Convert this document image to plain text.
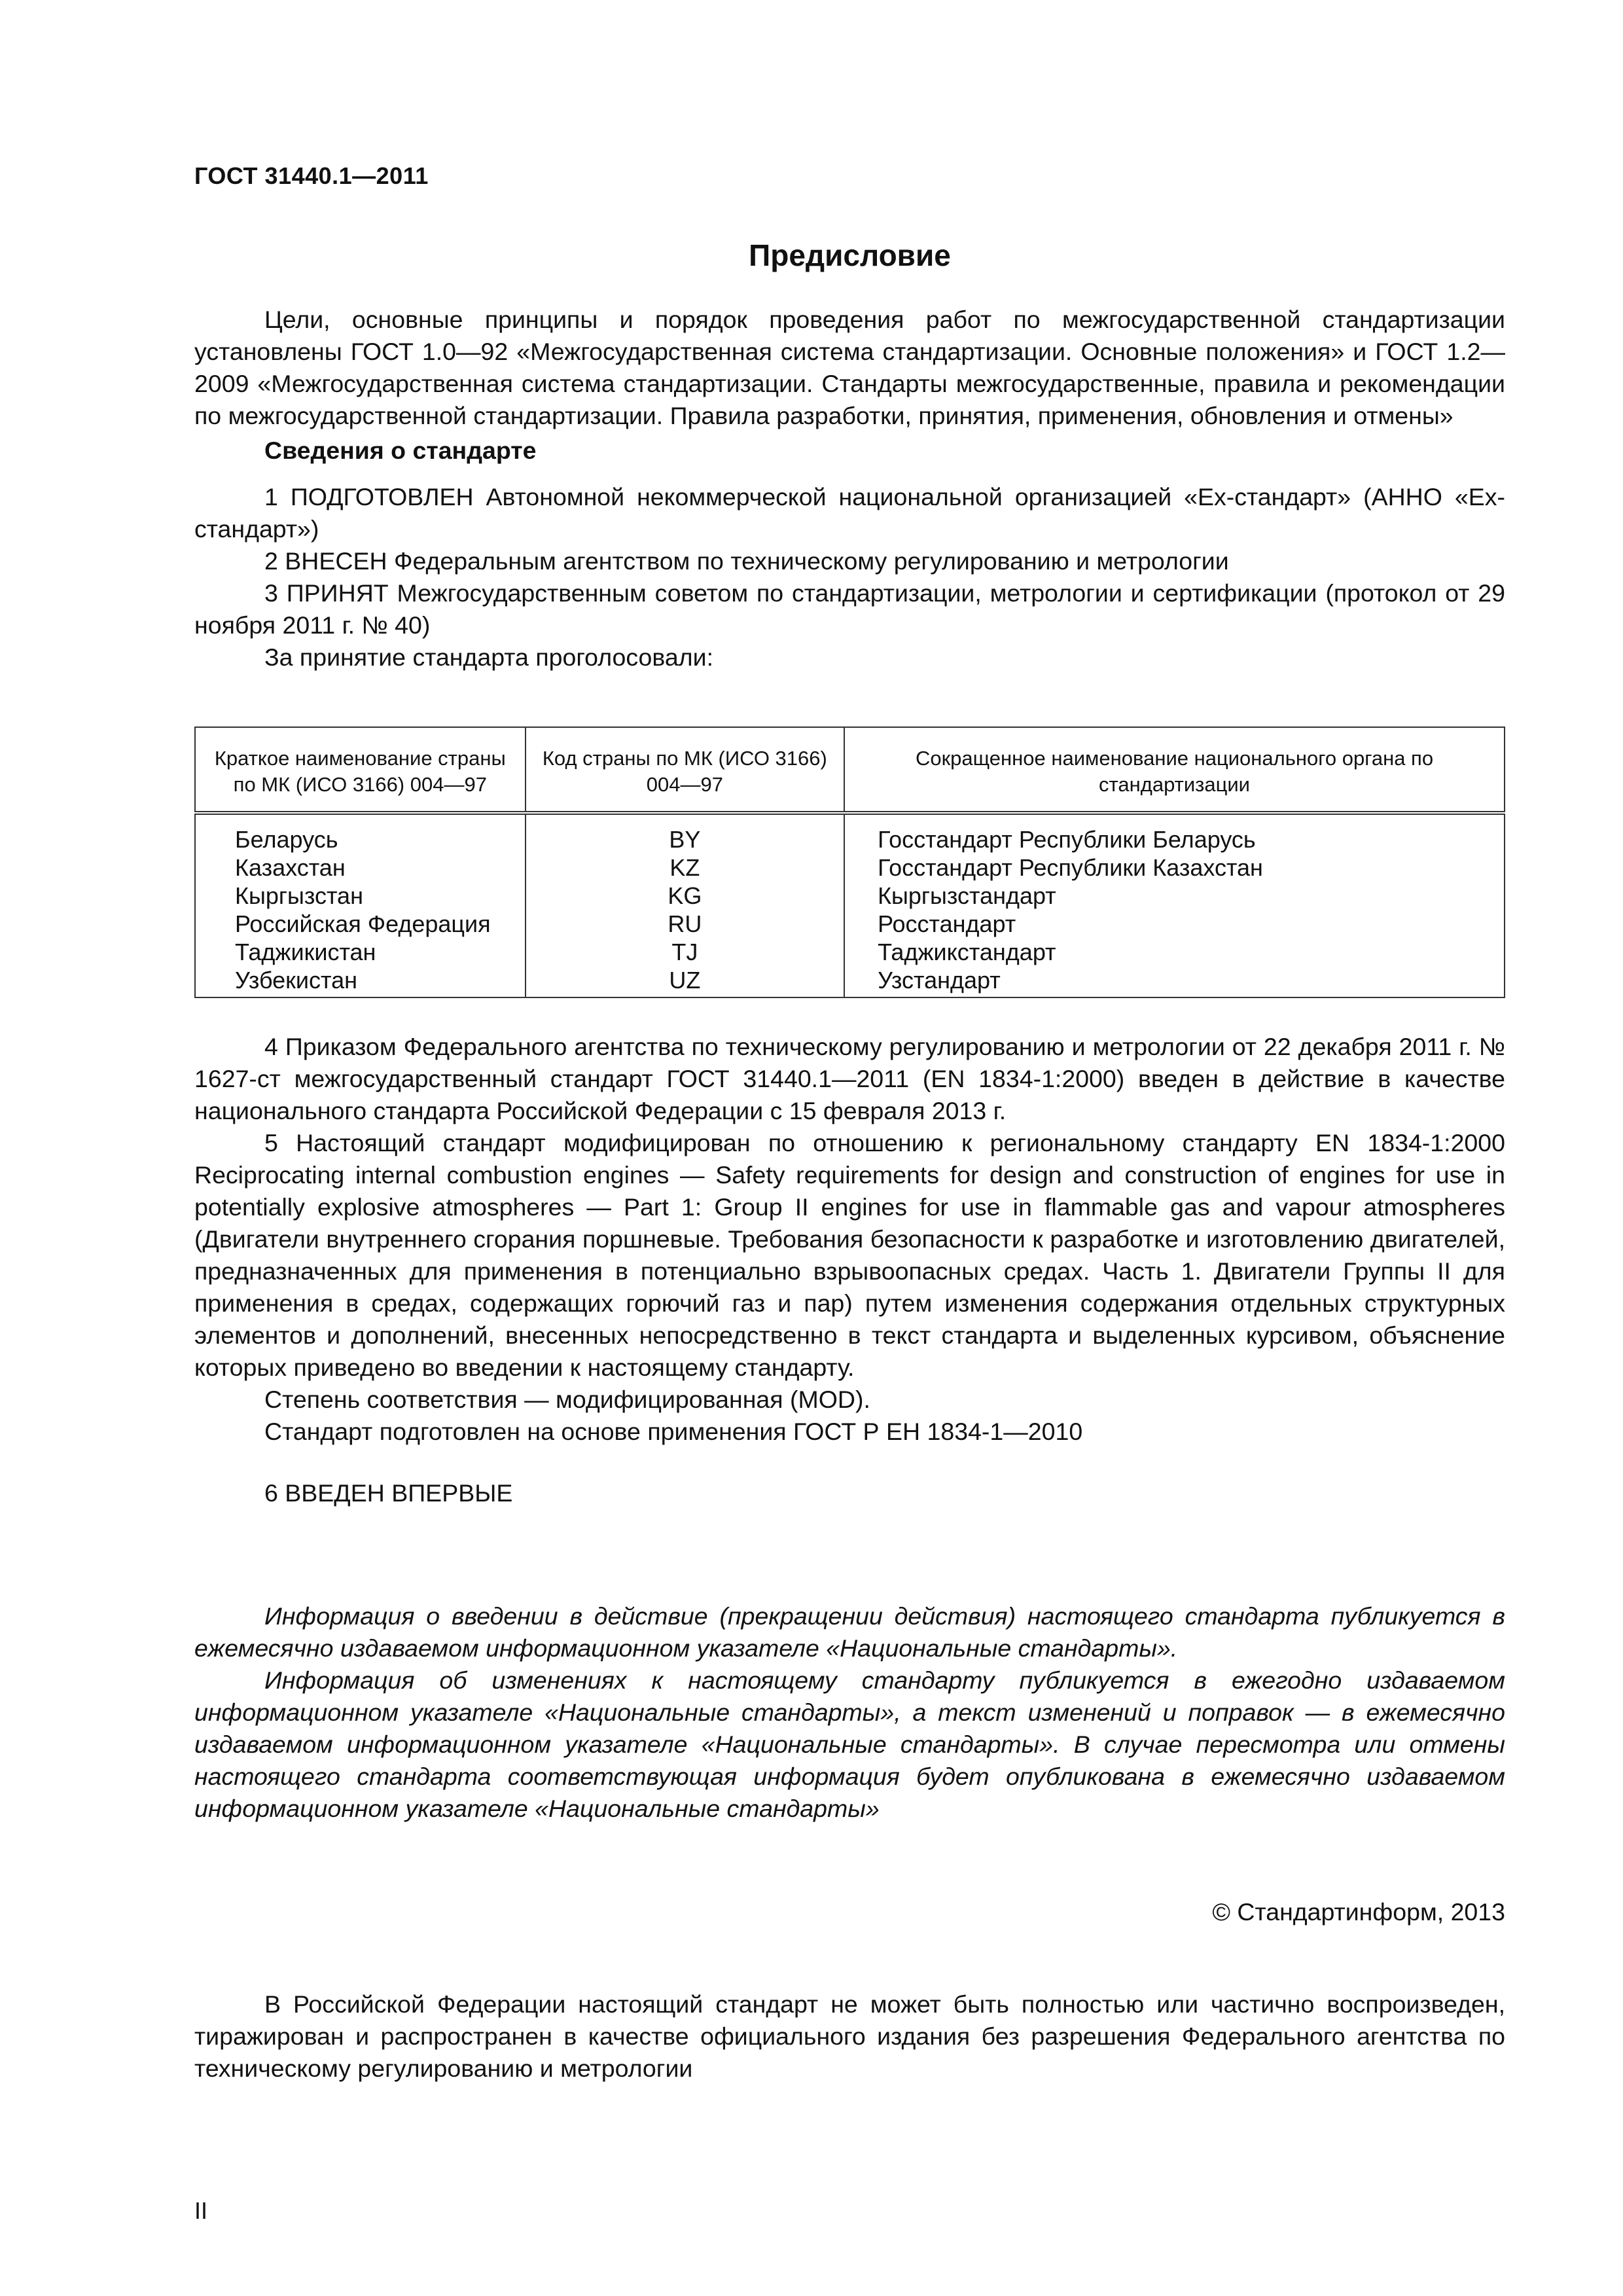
ГОСТ 31440.1—2011
Предисловие

Цели, основные принципы и порядок проведения работ по межгосударственной стандартизации установлены ГОСТ 1.0—92 «Межгосударственная система стандартизации. Основные положения» и ГОСТ 1.2—2009 «Межгосударственная система стандартизации. Стандарты межгосударственные, правила и рекомендации по межгосударственной стандартизации. Правила разработки, принятия, применения, обновления и отмены»

Сведения о стандарте

1 ПОДГОТОВЛЕН Автономной некоммерческой национальной организацией «Ех-стандарт» (АННО «Ех-стандарт»)

2 ВНЕСЕН Федеральным агентством по техническому регулированию и метрологии

3 ПРИНЯТ Межгосударственным советом по стандартизации, метрологии и сертификации (протокол от 29 ноября 2011 г. № 40)

За принятие стандарта проголосовали:

Краткое наименование страны по МК (ИСО 3166) 004—97	Код страны по МК (ИСО 3166) 004—97	Сокращенное наименование национального органа по стандартизации
Беларусь	BY	Госстандарт Республики Беларусь
Казахстан	KZ	Госстандарт Республики Казахстан
Кыргызстан	KG	Кыргызстандарт
Российская Федерация	RU	Росстандарт
Таджикистан	TJ	Таджикстандарт
Узбекистан	UZ	Узстандарт

4 Приказом Федерального агентства по техническому регулированию и метрологии от 22 декабря 2011 г. № 1627-ст межгосударственный стандарт ГОСТ 31440.1—2011 (EN 1834-1:2000) введен в действие в качестве национального стандарта Российской Федерации с 15 февраля 2013 г.

5 Настоящий стандарт модифицирован по отношению к региональному стандарту EN 1834-1:2000 Reciprocating internal combustion engines — Safety requirements for design and construction of engines for use in potentially explosive atmospheres — Part 1: Group II engines for use in flammable gas and vapour atmospheres (Двигатели внутреннего сгорания поршневые. Требования безопасности к разработке и изготовлению двигателей, предназначенных для применения в потенциально взрывоопасных средах. Часть 1. Двигатели Группы II для применения в средах, содержащих горючий газ и пар) путем изменения содержания отдельных структурных элементов и дополнений, внесенных непосредственно в текст стандарта и выделенных курсивом, объяснение которых приведено во введении к настоящему стандарту.

Степень соответствия — модифицированная (MOD).

Стандарт подготовлен на основе применения ГОСТ Р ЕН 1834-1—2010

6 ВВЕДЕН ВПЕРВЫЕ

Информация о введении в действие (прекращении действия) настоящего стандарта публикуется в ежемесячно издаваемом информационном указателе «Национальные стандарты».

Информация об изменениях к настоящему стандарту публикуется в ежегодно издаваемом информационном указателе «Национальные стандарты», а текст изменений и поправок — в ежемесячно издаваемом информационном указателе «Национальные стандарты». В случае пересмотра или отмены настоящего стандарта соответствующая информация будет опубликована в ежемесячно издаваемом информационном указателе «Национальные стандарты»

© Стандартинформ, 2013

В Российской Федерации настоящий стандарт не может быть полностью или частично воспроизведен, тиражирован и распространен в качестве официального издания без разрешения Федерального агентства по техническому регулированию и метрологии

II
